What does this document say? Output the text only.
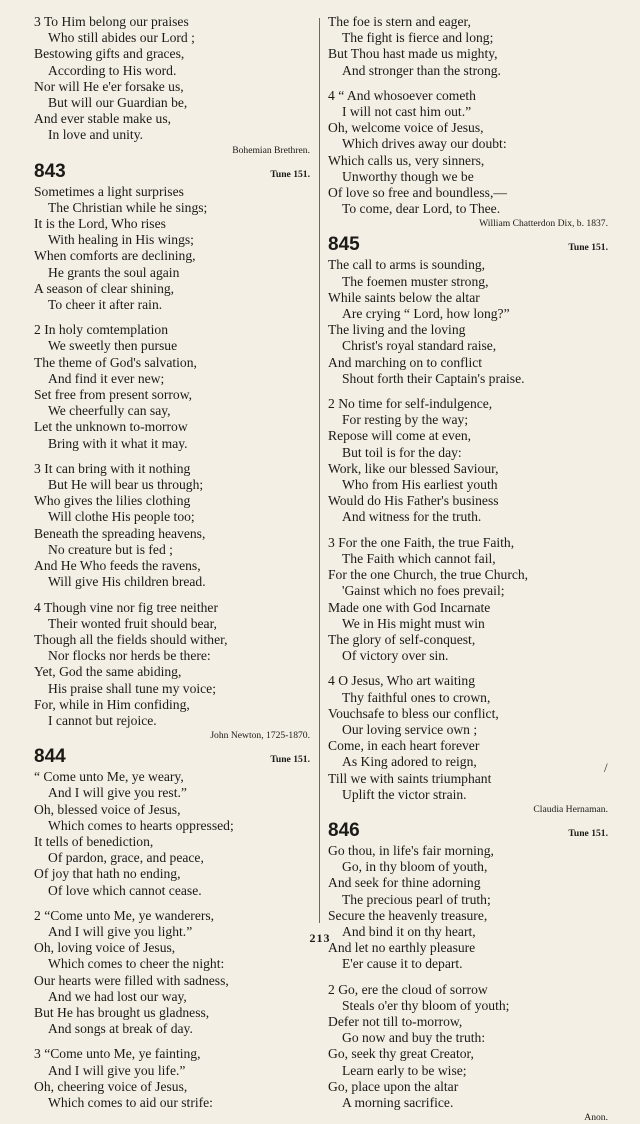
3 To Him belong our praises
Who still abides our Lord ;
Bestowing gifts and graces,
According to His word.
Nor will He e'er forsake us,
But will our Guardian be,
And ever stable make us,
In love and unity.
Bohemian Brethren.
843	Tune 151.
Sometimes a light surprises
The Christian while he sings;
It is the Lord, Who rises
With healing in His wings;
When comforts are declining,
He grants the soul again
A season of clear shining,
To cheer it after rain.
2 In holy comtemplation
We sweetly then pursue
The theme of God's salvation,
And find it ever new;
Set free from present sorrow,
We cheerfully can say,
Let the unknown to-morrow
Bring with it what it may.
3 It can bring with it nothing
But He will bear us through;
Who gives the lilies clothing
Will clothe His people too;
Beneath the spreading heavens,
No creature but is fed ;
And He Who feeds the ravens,
Will give His children bread.
4 Though vine nor fig tree neither
Their wonted fruit should bear,
Though all the fields should wither,
Nor flocks nor herds be there:
Yet, God the same abiding,
His praise shall tune my voice;
For, while in Him confiding,
I cannot but rejoice.
John Newton, 1725-1870.
844	Tune 151.
“ Come unto Me, ye weary,
And I will give you rest.”
Oh, blessed voice of Jesus,
Which comes to hearts oppressed;
It tells of benediction,
Of pardon, grace, and peace,
Of joy that hath no ending,
Of love which cannot cease.
2 “Come unto Me, ye wanderers,
And I will give you light.”
Oh, loving voice of Jesus,
Which comes to cheer the night:
Our hearts were filled with sadness,
And we had lost our way,
But He has brought us gladness,
And songs at break of day.
3 “Come unto Me, ye fainting,
And I will give you life.”
Oh, cheering voice of Jesus,
Which comes to aid our strife:
The foe is stern and eager,
The fight is fierce and long;
But Thou hast made us mighty,
And stronger than the strong.
4 “ And whosoever cometh
I will not cast him out.”
Oh, welcome voice of Jesus,
Which drives away our doubt:
Which calls us, very sinners,
Unworthy though we be
Of love so free and boundless,—
To come, dear Lord, to Thee.
William Chatterdon Dix, b. 1837.
845	Tune 151.
The call to arms is sounding,
The foemen muster strong,
While saints below the altar
Are crying “ Lord, how long?”
The living and the loving
Christ's royal standard raise,
And marching on to conflict
Shout forth their Captain's praise.
2 No time for self-indulgence,
For resting by the way;
Repose will come at even,
But toil is for the day:
Work, like our blessed Saviour,
Who from His earliest youth
Would do His Father's business
And witness for the truth.
3 For the one Faith, the true Faith,
The Faith which cannot fail,
For the one Church, the true Church,
'Gainst which no foes prevail;
Made one with God Incarnate
We in His might must win
The glory of self-conquest,
Of victory over sin.
4 O Jesus, Who art waiting
Thy faithful ones to crown,
Vouchsafe to bless our conflict,
Our loving service own ;
Come, in each heart forever
As King adored to reign,
Till we with saints triumphant
Uplift the victor strain.
Claudia Hernaman.
846	Tune 151.
Go thou, in life's fair morning,
Go, in thy bloom of youth,
And seek for thine adorning
The precious pearl of truth;
Secure the heavenly treasure,
And bind it on thy heart,
And let no earthly pleasure
E'er cause it to depart.
2 Go, ere the cloud of sorrow
Steals o'er thy bloom of youth;
Defer not till to-morrow,
Go now and buy the truth:
Go, seek thy great Creator,
Learn early to be wise;
Go, place upon the altar
A morning sacrifice.
Anon.
/
213
